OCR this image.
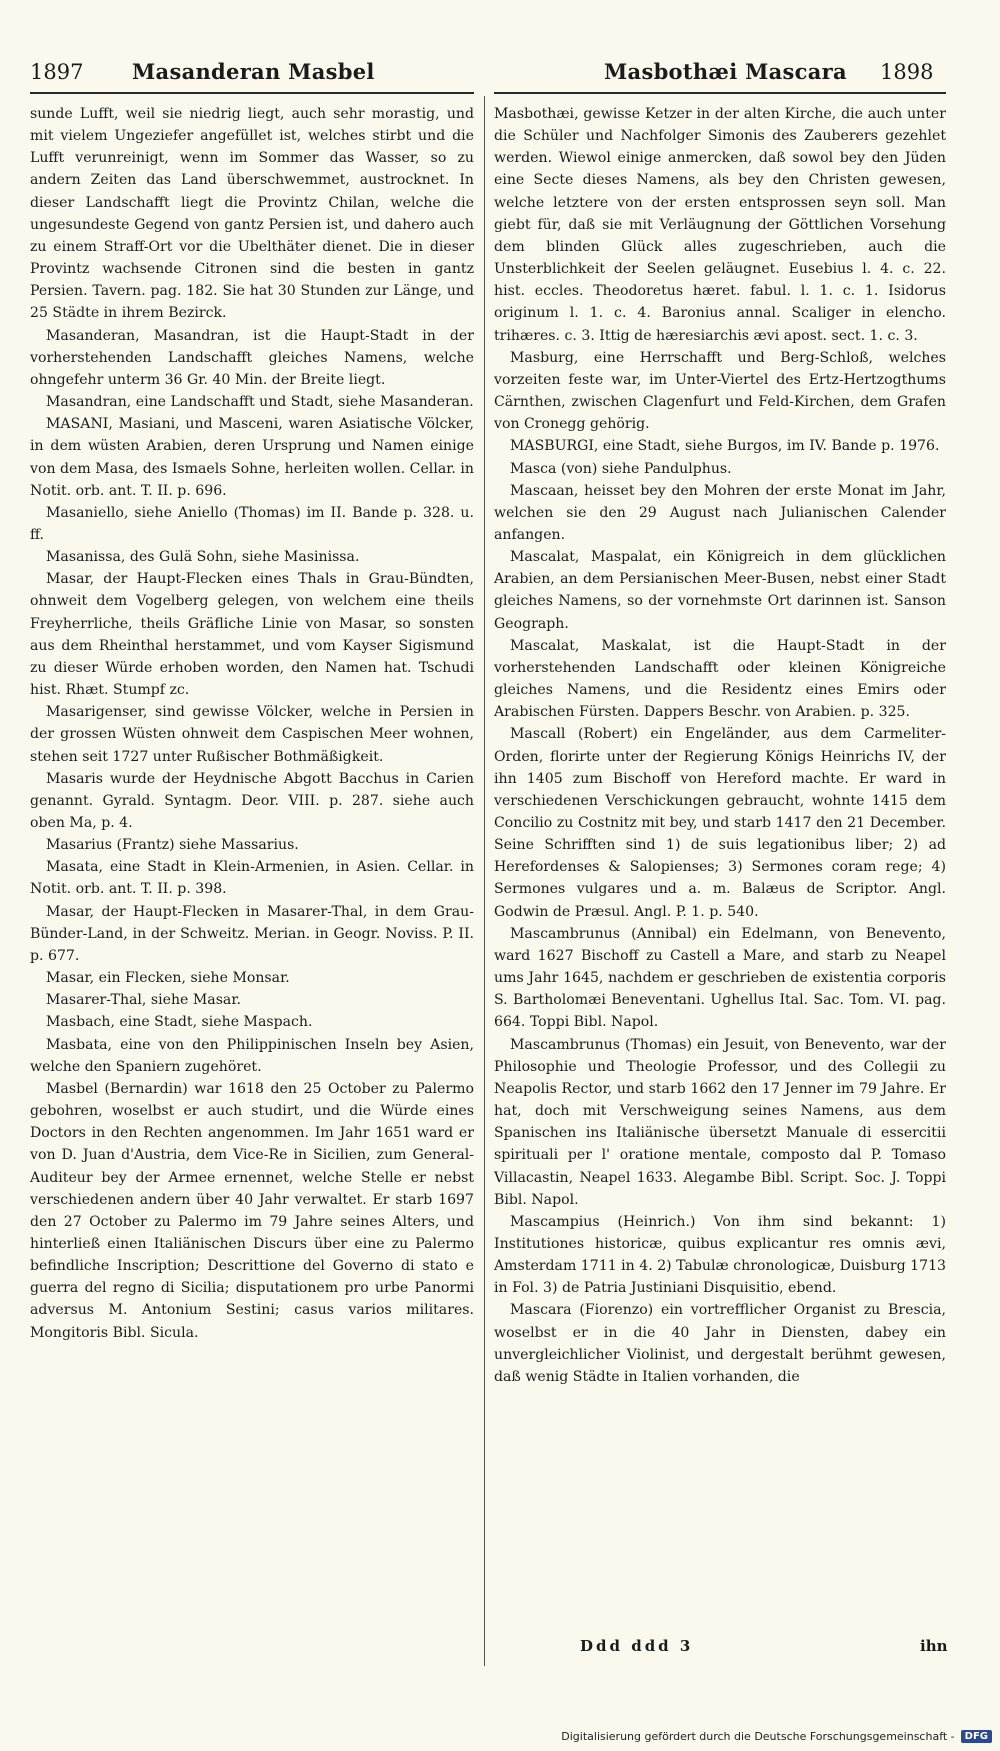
1897 Masanderan Masbel	Masbothæi Mascara 1898

sunde Lufft, weil sie niedrig liegt, auch sehr morastig, und mit vielem Ungeziefer angefüllet ist, welches stirbt und die Lufft verunreinigt, wenn im Sommer das Wasser, so zu andern Zeiten das Land überschwemmet, austrocknet. In dieser Landschafft liegt die Provintz Chilan, welche die ungesundeste Gegend von gantz Persien ist, und dahero auch zu einem Straff-Ort vor die Ubelthäter dienet. Die in dieser Provintz wachsende Citronen sind die besten in gantz Persien. Tavern. pag. 182. Sie hat 30 Stunden zur Länge, und 25 Städte in ihrem Bezirck.

Masanderan, Masandran, ist die Haupt-Stadt in der vorherstehenden Landschafft gleiches Namens, welche ohngefehr unterm 36 Gr. 40 Min. der Breite liegt.

Masandran, eine Landschafft und Stadt, siehe Masanderan.

MASANI, Masiani, und Masceni, waren Asiatische Völcker, in dem wüsten Arabien, deren Ursprung und Namen einige von dem Masa, des Ismaels Sohne, herleiten wollen. Cellar. in Notit. orb. ant. T. II. p. 696.

Masaniello, siehe Aniello (Thomas) im II. Bande p. 328. u. ff.

Masanissa, des Gulä Sohn, siehe Masinissa.

Masar, der Haupt-Flecken eines Thals in Grau-Bündten, ohnweit dem Vogelberg gelegen, von welchem eine theils Freyherrliche, theils Gräfliche Linie von Masar, so sonsten aus dem Rheinthal herstammet, und vom Kayser Sigismund zu dieser Würde erhoben worden, den Namen hat. Tschudi hist. Rhæt. Stumpf zc.

Masarigenser, sind gewisse Völcker, welche in Persien in der grossen Wüsten ohnweit dem Caspischen Meer wohnen, stehen seit 1727 unter Rußischer Bothmäßigkeit.

Masaris wurde der Heydnische Abgott Bacchus in Carien genannt. Gyrald. Syntagm. Deor. VIII. p. 287. siehe auch oben Ma, p. 4.

Masarius (Frantz) siehe Massarius.

Masata, eine Stadt in Klein-Armenien, in Asien. Cellar. in Notit. orb. ant. T. II. p. 398.

Masar, der Haupt-Flecken in Masarer-Thal, in dem Grau-Bünder-Land, in der Schweitz. Merian. in Geogr. Noviss. P. II. p. 677.

Masar, ein Flecken, siehe Monsar.

Masarer-Thal, siehe Masar.

Masbach, eine Stadt, siehe Maspach.

Masbata, eine von den Philippinischen Inseln bey Asien, welche den Spaniern zugehöret.

Masbel (Bernardin) war 1618 den 25 October zu Palermo gebohren, woselbst er auch studirt, und die Würde eines Doctors in den Rechten angenommen. Im Jahr 1651 ward er von D. Juan d'Austria, dem Vice-Re in Sicilien, zum General-Auditeur bey der Armee ernennet, welche Stelle er nebst verschiedenen andern über 40 Jahr verwaltet. Er starb 1697 den 27 October zu Palermo im 79 Jahre seines Alters, und hinterließ einen Italiänischen Discurs über eine zu Palermo befindliche Inscription; Descrittione del Governo di stato e guerra del regno di Sicilia; disputationem pro urbe Panormi adversus M. Antonium Sestini; casus varios militares. Mongitoris Bibl. Sicula.

Masbothæi, gewisse Ketzer in der alten Kirche, die auch unter die Schüler und Nachfolger Simonis des Zauberers gezehlet werden. Wiewol einige anmercken, daß sowol bey den Jüden eine Secte dieses Namens, als bey den Christen gewesen, welche letztere von der ersten entsprossen seyn soll. Man giebt für, daß sie mit Verläugnung der Göttlichen Vorsehung dem blinden Glück alles zugeschrieben, auch die Unsterblichkeit der Seelen geläugnet. Eusebius l. 4. c. 22. hist. eccles. Theodoretus hæret. fabul. l. 1. c. 1. Isidorus originum l. 1. c. 4. Baronius annal. Scaliger in elencho. trihæres. c. 3. Ittig de hæresiarchis ævi apost. sect. 1. c. 3.

Masburg, eine Herrschafft und Berg-Schloß, welches vorzeiten feste war, im Unter-Viertel des Ertz-Hertzogthums Cärnthen, zwischen Clagenfurt und Feld-Kirchen, dem Grafen von Cronegg gehörig.

MASBURGI, eine Stadt, siehe Burgos, im IV. Bande p. 1976.

Masca (von) siehe Pandulphus.

Mascaan, heisset bey den Mohren der erste Monat im Jahr, welchen sie den 29 August nach Julianischen Calender anfangen.

Mascalat, Maspalat, ein Königreich in dem glücklichen Arabien, an dem Persianischen Meer-Busen, nebst einer Stadt gleiches Namens, so der vornehmste Ort darinnen ist. Sanson Geograph.

Mascalat, Maskalat, ist die Haupt-Stadt in der vorherstehenden Landschafft oder kleinen Königreiche gleiches Namens, und die Residentz eines Emirs oder Arabischen Fürsten. Dappers Beschr. von Arabien. p. 325.

Mascall (Robert) ein Engeländer, aus dem Carmeliter-Orden, florirte unter der Regierung Königs Heinrichs IV, der ihn 1405 zum Bischoff von Hereford machte. Er ward in verschiedenen Verschickungen gebraucht, wohnte 1415 dem Concilio zu Costnitz mit bey, und starb 1417 den 21 December. Seine Schrifften sind 1) de suis legationibus liber; 2) ad Herefordenses & Salopienses; 3) Sermones coram rege; 4) Sermones vulgares und a. m. Balæus de Scriptor. Angl. Godwin de Præsul. Angl. P. 1. p. 540.

Mascambrunus (Annibal) ein Edelmann, von Benevento, ward 1627 Bischoff zu Castell a Mare, and starb zu Neapel ums Jahr 1645, nachdem er geschrieben de existentia corporis S. Bartholomæi Beneventani. Ughellus Ital. Sac. Tom. VI. pag. 664. Toppi Bibl. Napol.

Mascambrunus (Thomas) ein Jesuit, von Benevento, war der Philosophie und Theologie Professor, und des Collegii zu Neapolis Rector, und starb 1662 den 17 Jenner im 79 Jahre. Er hat, doch mit Verschweigung seines Namens, aus dem Spanischen ins Italiänische übersetzt Manuale di essercitii spirituali per l' oratione mentale, composto dal P. Tomaso Villacastin, Neapel 1633. Alegambe Bibl. Script. Soc. J. Toppi Bibl. Napol.

Mascampius (Heinrich.) Von ihm sind bekannt: 1) Institutiones historicæ, quibus explicantur res omnis ævi, Amsterdam 1711 in 4. 2) Tabulæ chronologicæ, Duisburg 1713 in Fol. 3) de Patria Justiniani Disquisitio, ebend.

Mascara (Fiorenzo) ein vortrefflicher Organist zu Brescia, woselbst er in die 40 Jahr in Diensten, dabey ein unvergleichlicher Violinist, und dergestalt berühmt gewesen, daß wenig Städte in Italien vorhanden, die

Ddd ddd 3	ihn
Digitalisierung gefördert durch die Deutsche Forschungsgemeinschaft -	DFG
